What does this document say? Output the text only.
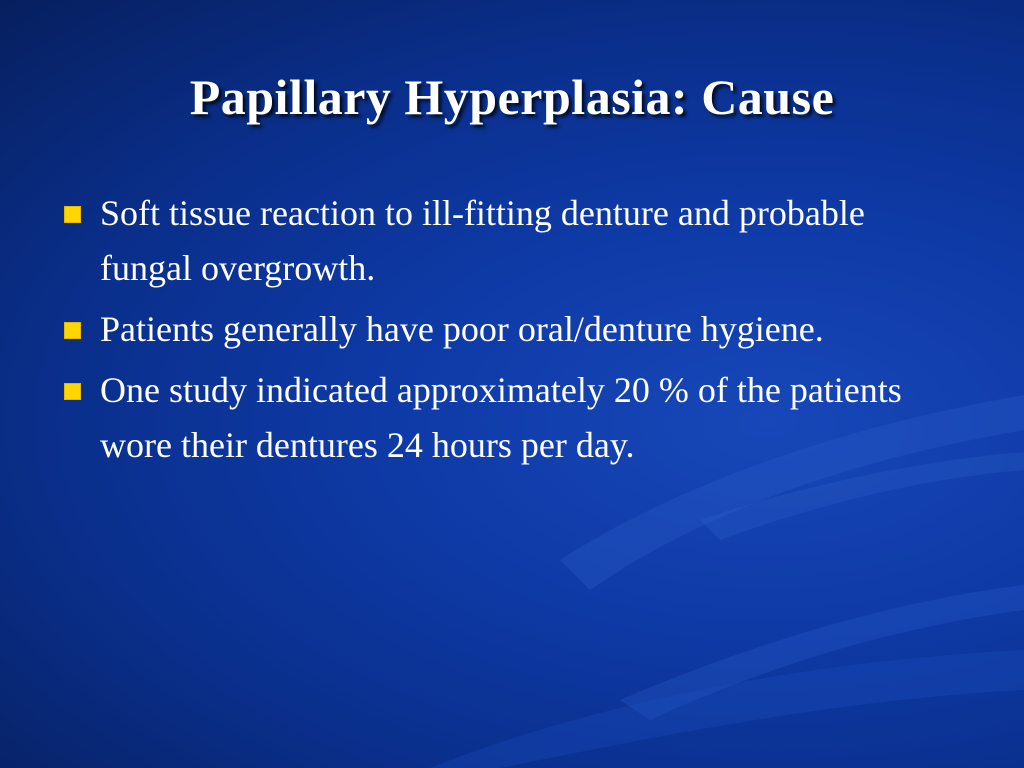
Papillary Hyperplasia: Cause
Soft tissue reaction to ill-fitting denture and probable fungal overgrowth.
Patients generally have poor oral/denture hygiene.
One study indicated approximately 20 % of the patients wore their dentures 24 hours per day.
